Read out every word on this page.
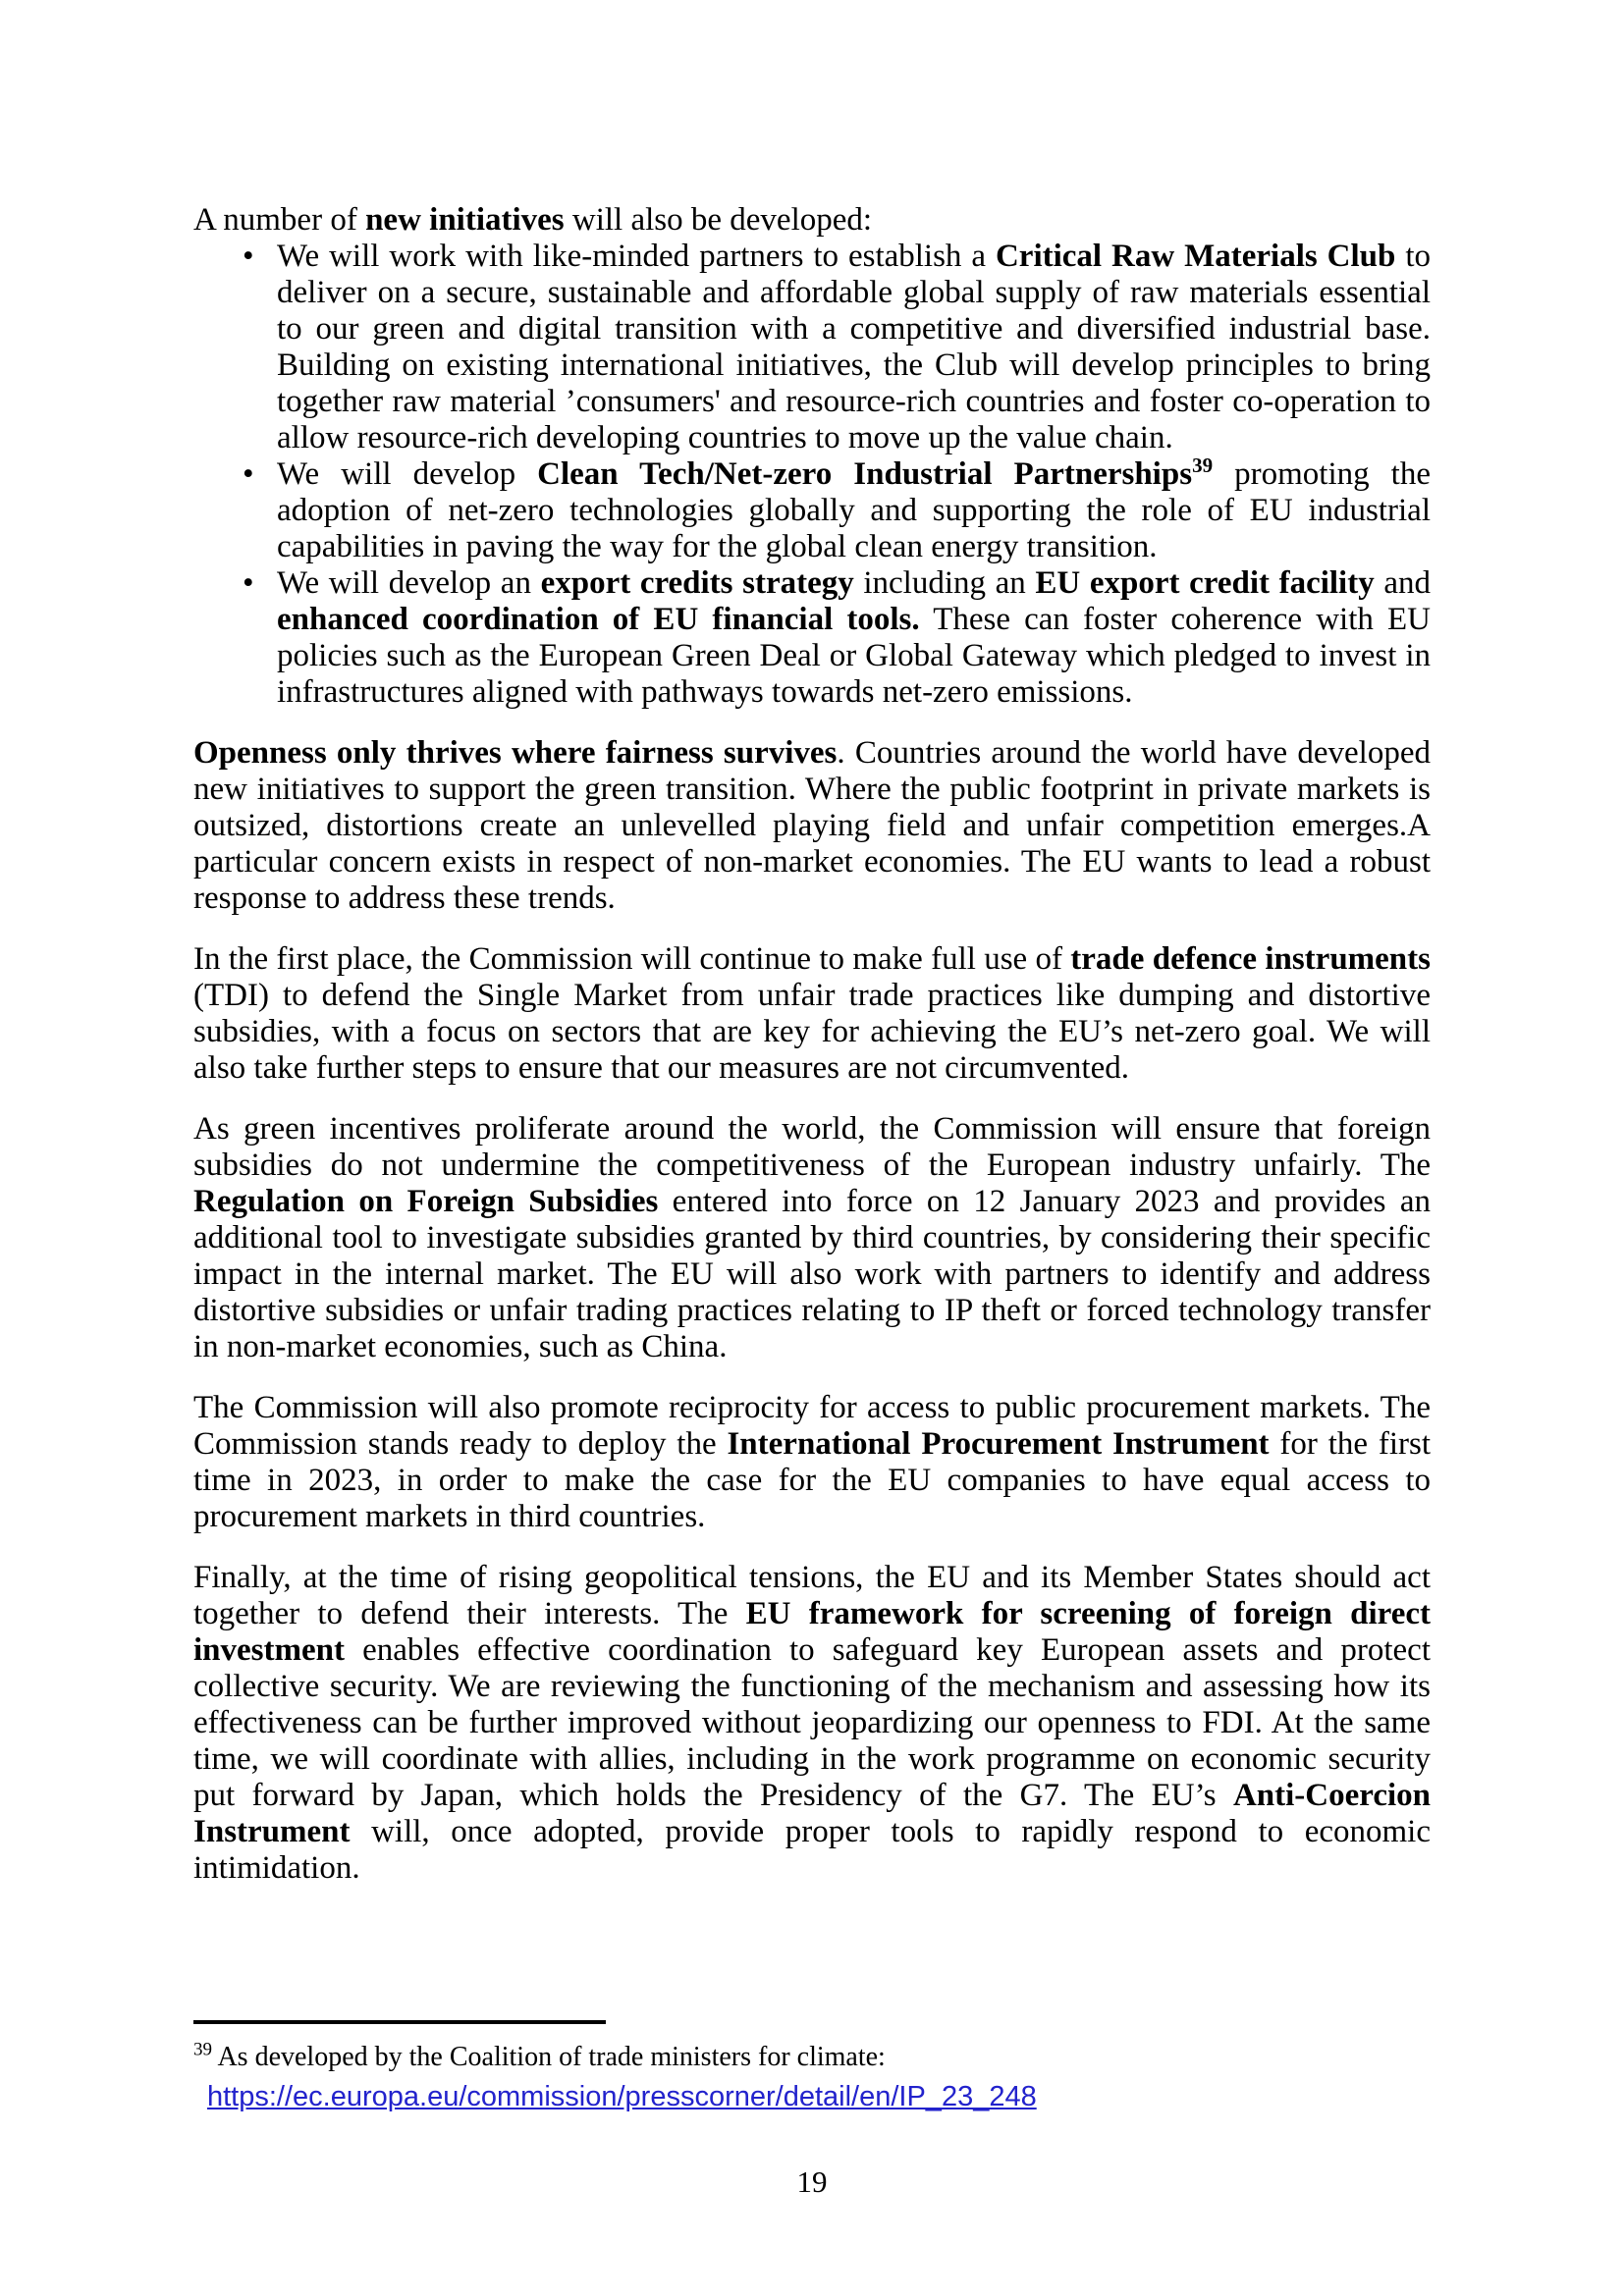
A number of new initiatives will also be developed:

• We will work with like-minded partners to establish a Critical Raw Materials Club to deliver on a secure, sustainable and affordable global supply of raw materials essential to our green and digital transition with a competitive and diversified industrial base. Building on existing international initiatives, the Club will develop principles to bring together raw material ’consumers' and resource-rich countries and foster co-operation to allow resource-rich developing countries to move up the value chain.
• We will develop Clean Tech/Net-zero Industrial Partnerships$^{39}$ promoting the adoption of net-zero technologies globally and supporting the role of EU industrial capabilities in paving the way for the global clean energy transition.
• We will develop an export credits strategy including an EU export credit facility and enhanced coordination of EU financial tools. These can foster coherence with EU policies such as the European Green Deal or Global Gateway which pledged to invest in infrastructures aligned with pathways towards net-zero emissions.

Openness only thrives where fairness survives. Countries around the world have developed new initiatives to support the green transition. Where the public footprint in private markets is outsized, distortions create an unlevelled playing field and unfair competition emerges.A particular concern exists in respect of non-market economies. The EU wants to lead a robust response to address these trends.

In the first place, the Commission will continue to make full use of trade defence instruments (TDI) to defend the Single Market from unfair trade practices like dumping and distortive subsidies, with a focus on sectors that are key for achieving the EU’s net-zero goal. We will also take further steps to ensure that our measures are not circumvented.

As green incentives proliferate around the world, the Commission will ensure that foreign subsidies do not undermine the competitiveness of the European industry unfairly. The Regulation on Foreign Subsidies entered into force on 12 January 2023 and provides an additional tool to investigate subsidies granted by third countries, by considering their specific impact in the internal market. The EU will also work with partners to identify and address distortive subsidies or unfair trading practices relating to IP theft or forced technology transfer in non-market economies, such as China.

The Commission will also promote reciprocity for access to public procurement markets. The Commission stands ready to deploy the International Procurement Instrument for the first time in 2023, in order to make the case for the EU companies to have equal access to procurement markets in third countries.

Finally, at the time of rising geopolitical tensions, the EU and its Member States should act together to defend their interests. The EU framework for screening of foreign direct investment enables effective coordination to safeguard key European assets and protect collective security. We are reviewing the functioning of the mechanism and assessing how its effectiveness can be further improved without jeopardizing our openness to FDI. At the same time, we will coordinate with allies, including in the work programme on economic security put forward by Japan, which holds the Presidency of the G7. The EU’s Anti-Coercion Instrument will, once adopted, provide proper tools to rapidly respond to economic intimidation.

$^{39}$ As developed by the Coalition of trade ministers for climate:
https://ec.europa.eu/commission/presscorner/detail/en/IP_23_248
19
